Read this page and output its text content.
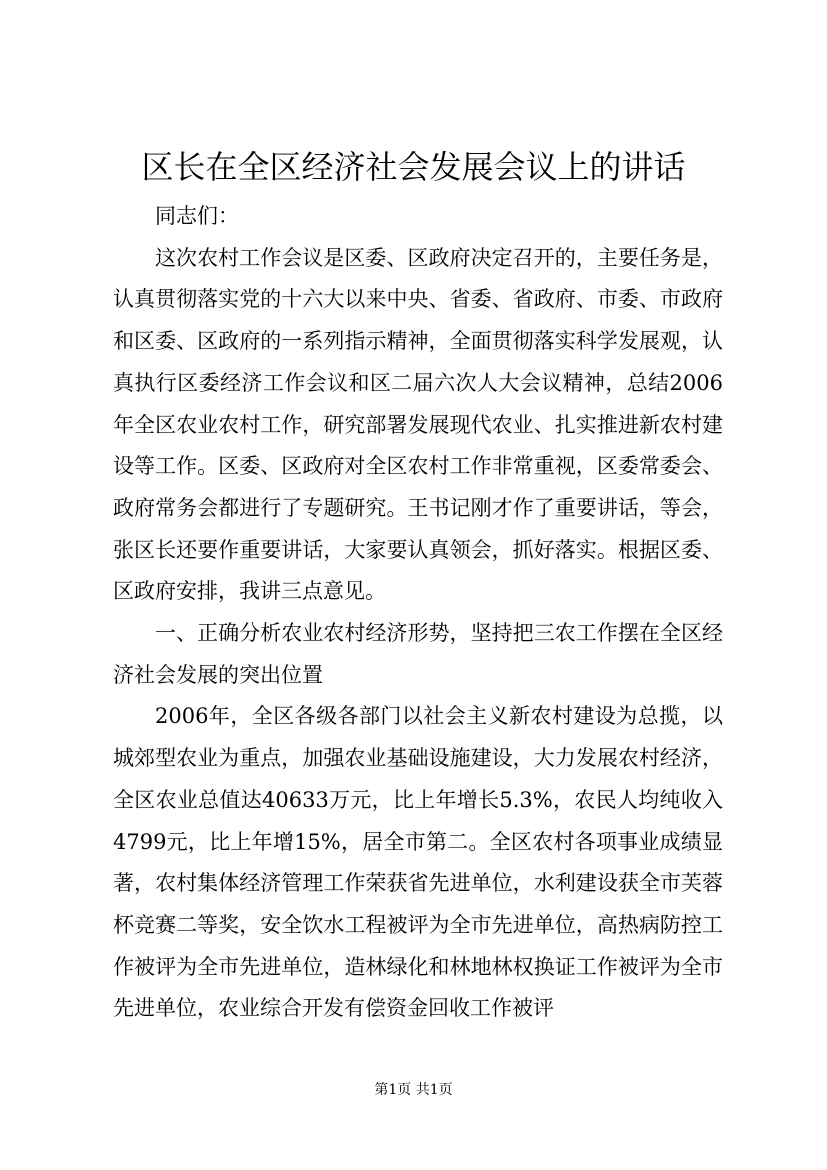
区长在全区经济社会发展会议上的讲话

同志们：

这次农村工作会议是区委、区政府决定召开的，主要任务是，认真贯彻落实党的十六大以来中央、省委、省政府、市委、市政府和区委、区政府的一系列指示精神，全面贯彻落实科学发展观，认真执行区委经济工作会议和区二届六次人大会议精神，总结2006年全区农业农村工作，研究部署发展现代农业、扎实推进新农村建设等工作。区委、区政府对全区农村工作非常重视，区委常委会、政府常务会都进行了专题研究。王书记刚才作了重要讲话，等会，张区长还要作重要讲话，大家要认真领会，抓好落实。根据区委、区政府安排，我讲三点意见。

一、正确分析农业农村经济形势，坚持把三农工作摆在全区经济社会发展的突出位置

2006年，全区各级各部门以社会主义新农村建设为总揽，以城郊型农业为重点，加强农业基础设施建设，大力发展农村经济，全区农业总值达40633万元，比上年增长5.3%，农民人均纯收入4799元，比上年增15%，居全市第二。全区农村各项事业成绩显著，农村集体经济管理工作荣获省先进单位，水利建设获全市芙蓉杯竞赛二等奖，安全饮水工程被评为全市先进单位，高热病防控工作被评为全市先进单位，造林绿化和林地林权换证工作被评为全市先进单位，农业综合开发有偿资金回收工作被评

第1页 共1页
